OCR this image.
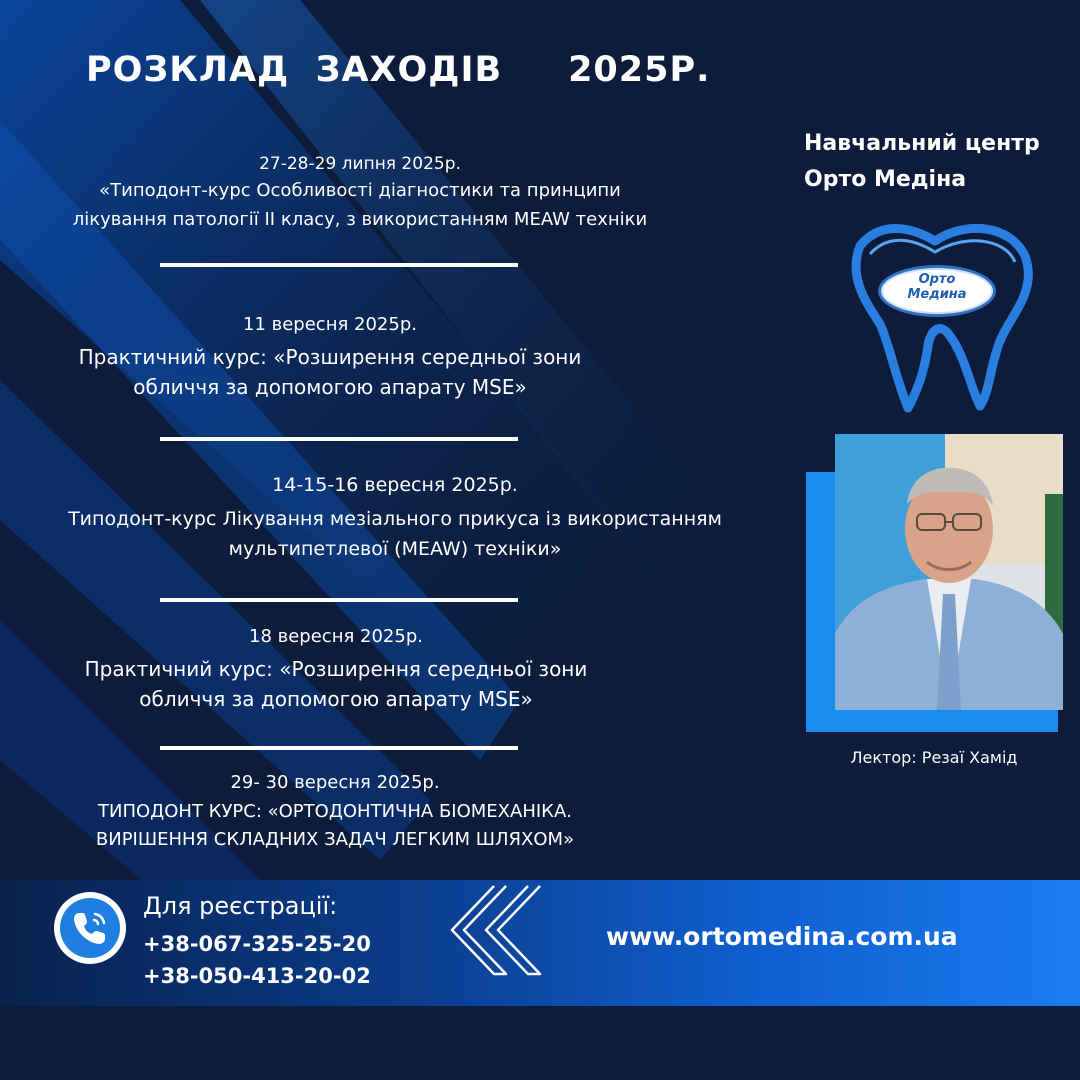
РОЗКЛАД  ЗАХОДІВ     2025Р.
27-28-29 липня 2025р.
«Типодонт-курс Особливості діагностики та принципи
лікування патології ІІ класу, з використанням MEAW техніки
11 вересня 2025р.
Практичний курс: «Розширення середньої зони
обличчя за допомогою апарату MSE»
14-15-16 вересня 2025р.
Типодонт-курс Лікування мезіального прикуса із використанням
мультипетлевої (MEAW) техніки»
18 вересня 2025р.
Практичний курс: «Розширення середньої зони
обличчя за допомогою апарату MSE»
29- 30 вересня 2025р.
ТИПОДОНТ КУРС: «ОРТОДОНТИЧНА БІОМЕХАНІКА.
ВИРІШЕННЯ СКЛАДНИХ ЗАДАЧ ЛЕГКИМ ШЛЯХОМ»
Навчальний центр
Орто Медіна
Орто
Медина
Лектор: Резаї Хамід
Для реєстрації:
+38-067-325-25-20
+38-050-413-20-02
www.ortomedina.com.ua
